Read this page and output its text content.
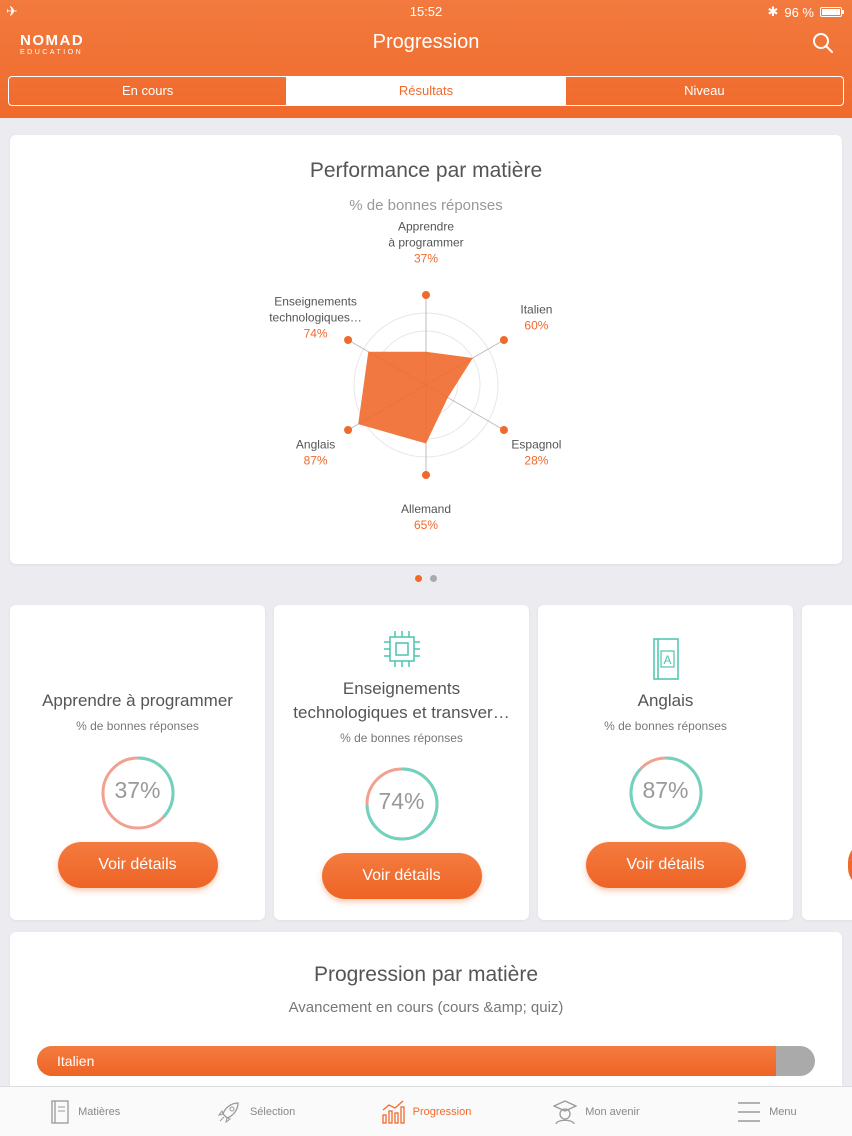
✈	15:52	✱ 96 %
NOMAD
EDUCATION	Progression
En cours	Résultats	Niveau
Apprendre
à programmer
37%
Italien
60%
Espagnol
28%
Allemand
65%
Anglais
87%
Enseignements
technologiques…
74%
Performance par matière
% de bonnes réponses
Apprendre à programmer
% de bonnes réponses
37%
Voir détails
Enseignements technologiques et transver…
% de bonnes réponses
74%
Voir détails
A
Anglais
% de bonnes réponses
87%
Voir détails
Progression par matière
Avancement en cours (cours &amp; quiz)
Italien
Matières	Sélection	Progression	Mon avenir	Menu
